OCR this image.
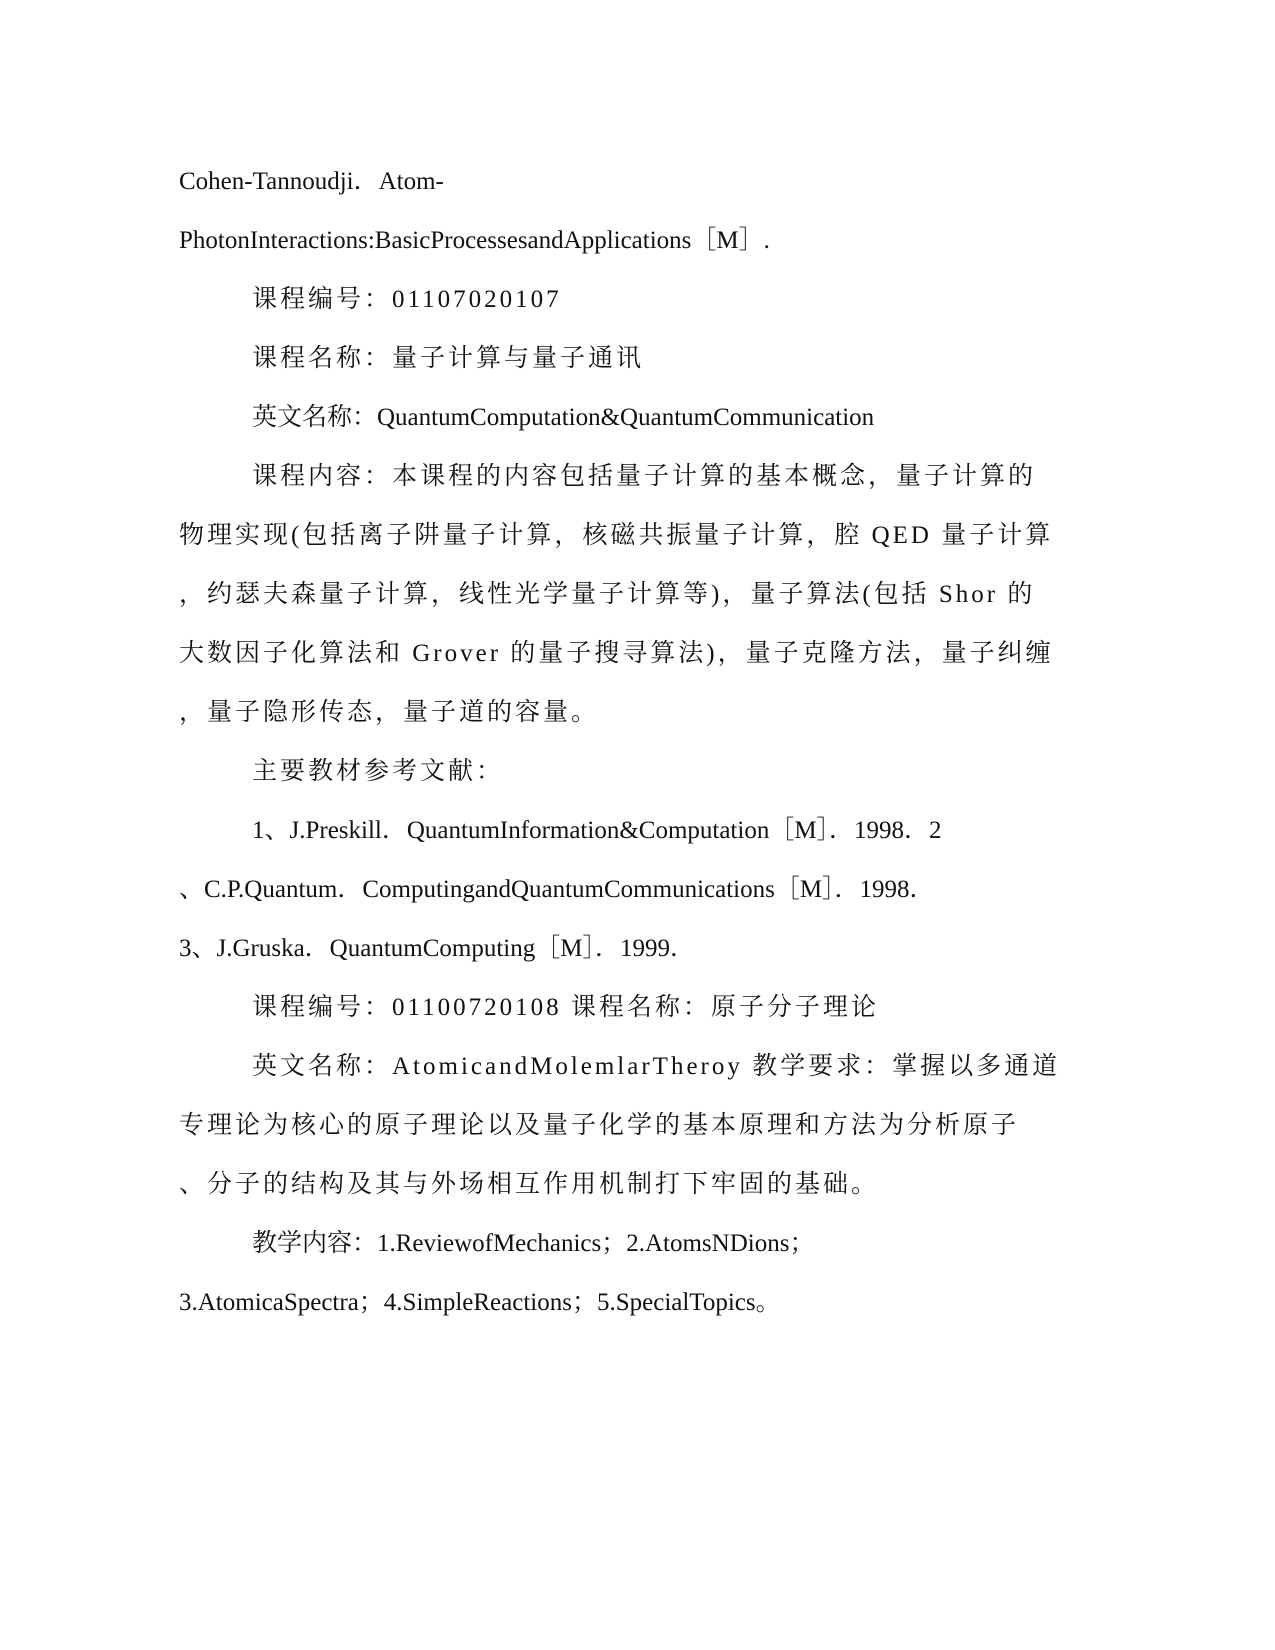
Cohen-Tannoudji．Atom-
PhotonInteractions:BasicProcessesandApplications［M］.
课程编号：01107020107
课程名称：量子计算与量子通讯
英文名称：QuantumComputation&QuantumCommunication
课程内容：本课程的内容包括量子计算的基本概念，量子计算的
物理实现(包括离子阱量子计算，核磁共振量子计算，腔 QED 量子计算
，约瑟夫森量子计算，线性光学量子计算等)，量子算法(包括 Shor 的
大数因子化算法和 Grover 的量子搜寻算法)，量子克隆方法，量子纠缠
，量子隐形传态，量子道的容量。
主要教材参考文献：
1、J.Preskill．QuantumInformation&Computation［M］．1998．2
、C.P.Quantum．ComputingandQuantumCommunications［M］．1998．
3、J.Gruska．QuantumComputing［M］．1999．
课程编号：01100720108 课程名称：原子分子理论
英文名称：AtomicandMolemlarTheroy 教学要求：掌握以多通道
专理论为核心的原子理论以及量子化学的基本原理和方法为分析原子
、分子的结构及其与外场相互作用机制打下牢固的基础。
教学内容：1.ReviewofMechanics；2.AtomsNDions；
3.AtomicaSpectra；4.SimpleReactions；5.SpecialTopics。
